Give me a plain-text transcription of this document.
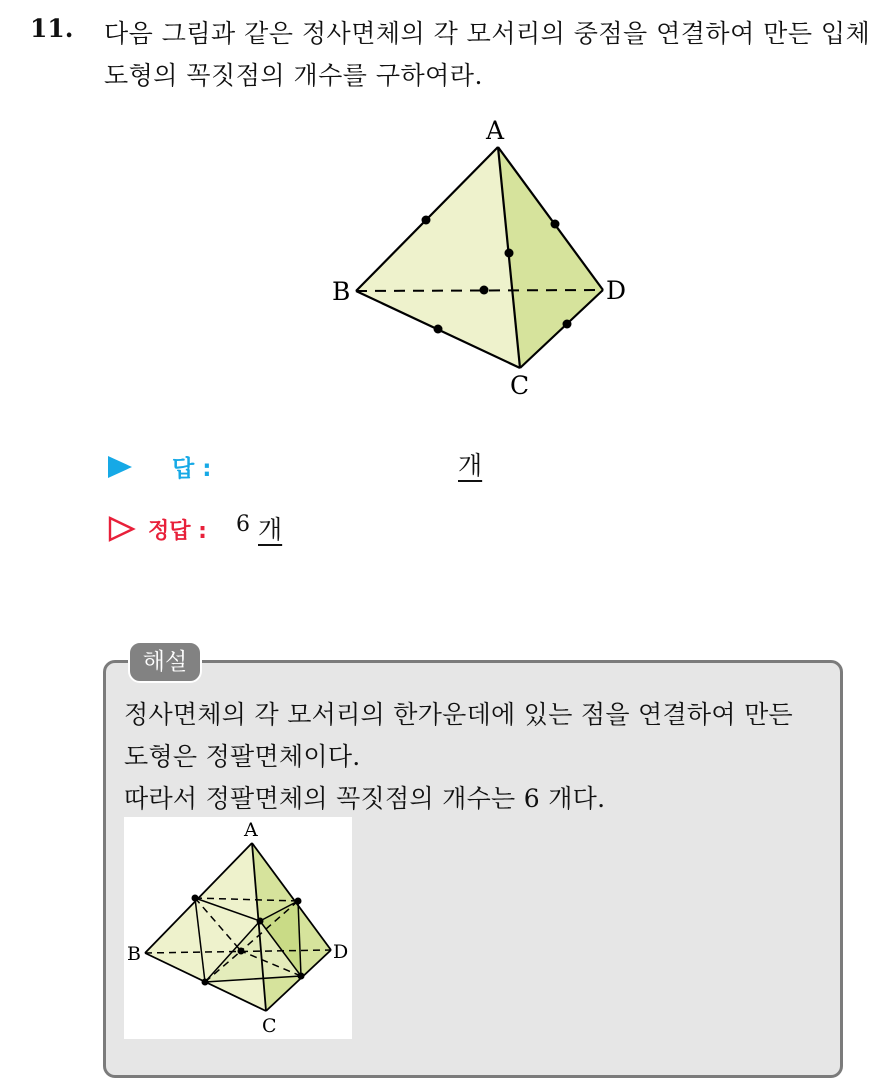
11. 다음 그림과 같은 정사면체의 각 모서리의 중점을 연결하여 만든 입체도형의 꼭짓점의 개수를 구하여라.
A
B
C
D
답 :	개
정답 : 6 개
해설
정사면체의 각 모서리의 한가운데에 있는 점을 연결하여 만든
도형은 정팔면체이다.
따라서 정팔면체의 꼭짓점의 개수는 6 개다.
A
B
C
D
